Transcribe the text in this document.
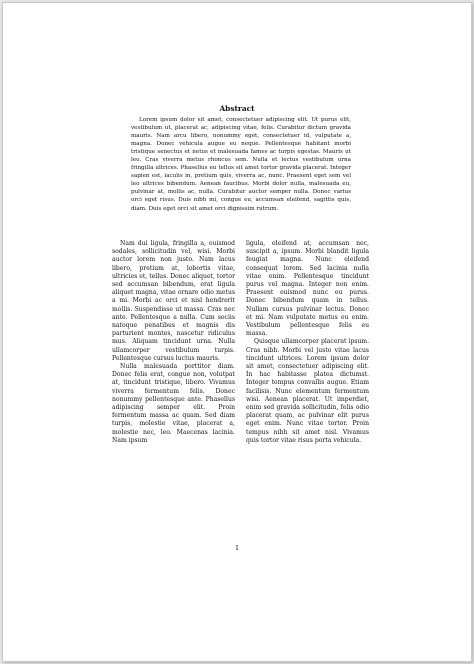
Abstract

Lorem ipsum dolor sit amet, consectetuer adipiscing elit. Ut purus elit, vestibulum ut, placerat ac, adipiscing vitae, felis. Curabitur dictum gravida mauris. Nam arcu libero, nonummy eget, consectetuer id, vulputate a, magna. Donec vehicula augue eu neque. Pellentesque habitant morbi tristique senectus et netus et malesuada fames ac turpis egestas. Mauris ut leo. Cras viverra metus rhoncus sem. Nulla et lectus vestibulum urna fringilla ultrices. Phasellus eu tellus sit amet tortor gravida placerat. Integer sapien est, iaculis in, pretium quis, viverra ac, nunc. Praesent eget sem vel leo ultrices bibendum. Aenean faucibus. Morbi dolor nulla, malesuada eu, pulvinar at, mollis ac, nulla. Curabitur auctor semper nulla. Donec varius orci eget risus. Duis nibh mi, congue eu, accumsan eleifend, sagittis quis, diam. Duis eget orci sit amet orci dignissim rutrum.

Nam dui ligula, fringilla a, euismod sodales, sollicitudin vel, wisi. Morbi auctor lorem non justo. Nam lacus libero, pretium at, lobortis vitae, ultricies et, tellus. Donec aliquet, tortor sed accumsan bibendum, erat ligula aliquet magna, vitae ornare odio metus a mi. Morbi ac orci et nisl hendrerit mollis. Suspendisse ut massa. Cras nec ante. Pellentesque a nulla. Cum sociis natoque penatibus et magnis dis parturient montes, nascetur ridiculus mus. Aliquam tincidunt urna. Nulla ullamcorper vestibulum turpis. Pellentesque cursus luctus mauris.

Nulla malesuada porttitor diam. Donec felis erat, congue non, volutpat at, tincidunt tristique, libero. Vivamus viverra fermentum felis. Donec nonummy pellentesque ante. Phasellus adipiscing semper elit. Proin fermentum massa ac quam. Sed diam turpis, molestie vitae, placerat a, molestie nec, leo. Maecenas lacinia. Nam ipsum

ligula, eleifend at, accumsan nec, suscipit a, ipsum. Morbi blandit ligula feugiat magna. Nunc eleifend consequat lorem. Sed lacinia nulla vitae enim. Pellentesque tincidunt purus vel magna. Integer non enim. Praesent euismod nunc eu purus. Donec bibendum quam in tellus. Nullam cursus pulvinar lectus. Donec et mi. Nam vulputate metus eu enim. Vestibulum pellentesque felis eu massa.

Quisque ullamcorper placerat ipsum. Cras nibh. Morbi vel justo vitae lacus tincidunt ultrices. Lorem ipsum dolor sit amet, consectetuer adipiscing elit. In hac habitasse platea dictumst. Integer tempus convallis augue. Etiam facilisis. Nunc elementum fermentum wisi. Aenean placerat. Ut imperdiet, enim sed gravida sollicitudin, felis odio placerat quam, ac pulvinar elit purus eget enim. Nunc vitae tortor. Proin tempus nibh sit amet nisl. Vivamus quis tortor vitae risus porta vehicula.

1
